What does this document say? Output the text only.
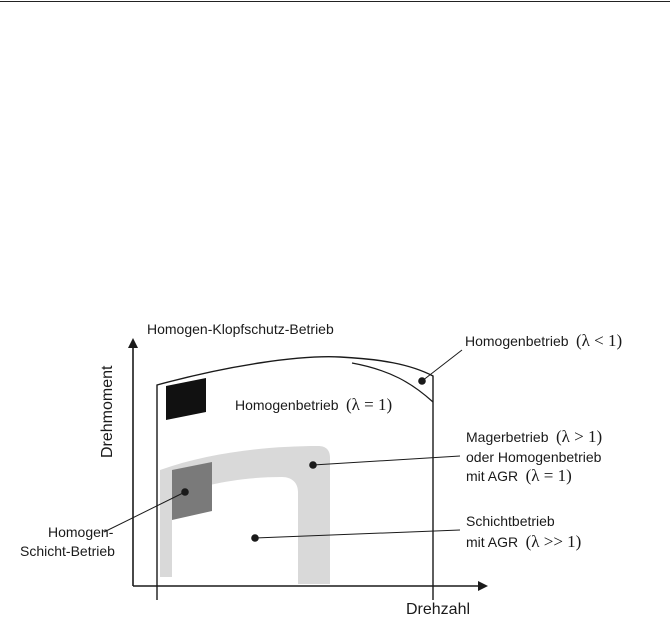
Drehmoment
Drehzahl
Homogen-Klopfschutz-Betrieb
Homogenbetrieb (λ < 1)
Homogenbetrieb (λ = 1)
Magerbetrieb (λ > 1)
oder Homogenbetrieb
mit AGR (λ = 1)
Schichtbetrieb
mit AGR (λ >> 1)
Homogen-
Schicht-Betrieb
